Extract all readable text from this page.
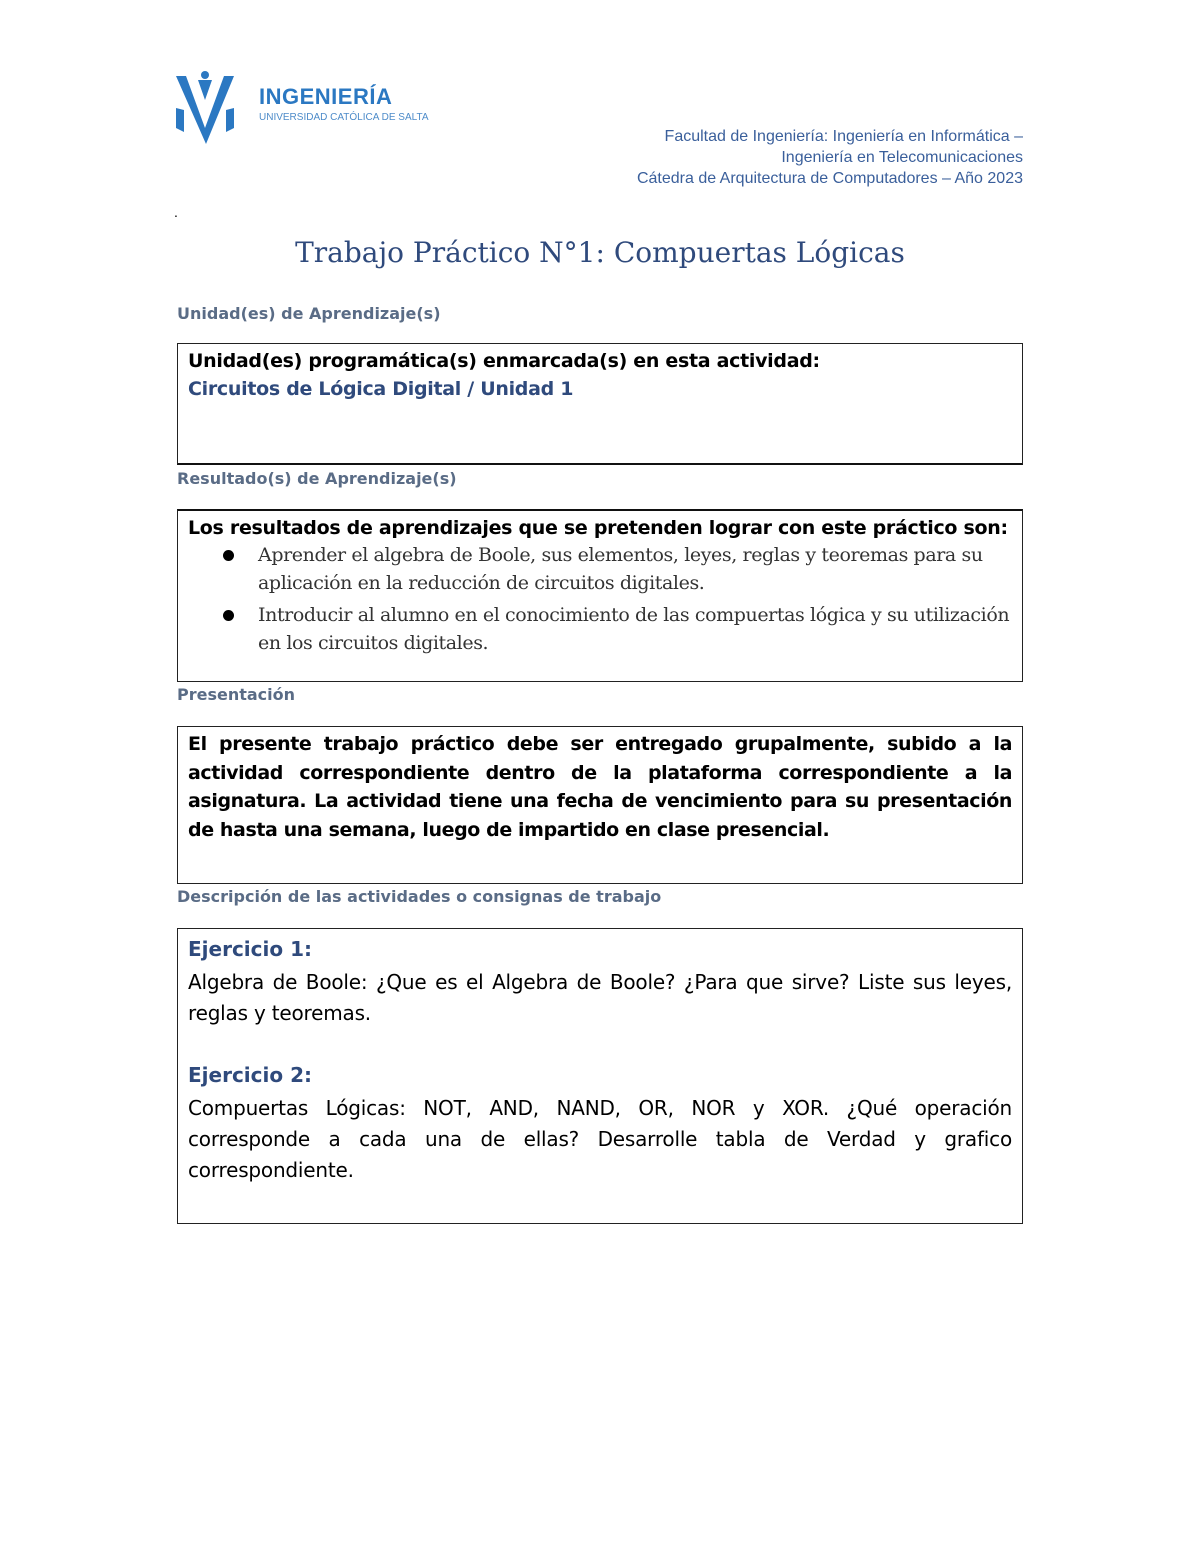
INGENIERÍA
UNIVERSIDAD CATÓLICA DE SALTA
Facultad de Ingeniería: Ingeniería en Informática –
Ingeniería en Telecomunicaciones
Cátedra de Arquitectura de Computadores – Año 2023
.
Trabajo Práctico N°1: Compuertas Lógicas
Unidad(es) de Aprendizaje(s)
Unidad(es) programática(s) enmarcada(s) en esta actividad:
Circuitos de Lógica Digital / Unidad 1
Resultado(s) de Aprendizaje(s)
Los resultados de aprendizajes que se pretenden lograr con este práctico son:
Aprender el algebra de Boole, sus elementos, leyes, reglas y teoremas para su aplicación en la reducción de circuitos digitales.
Introducir al alumno en el conocimiento de las compuertas lógica y su utilización en los circuitos digitales.
Presentación
El presente trabajo práctico debe ser entregado grupalmente, subido a la actividad correspondiente dentro de la plataforma correspondiente a la asignatura. La actividad tiene una fecha de vencimiento para su presentación de hasta una semana, luego de impartido en clase presencial.
Descripción de las actividades o consignas de trabajo
Ejercicio 1:
Algebra de Boole: ¿Que es el Algebra de Boole? ¿Para que sirve? Liste sus leyes, reglas y teoremas.
Ejercicio 2:
Compuertas Lógicas: NOT, AND, NAND, OR, NOR y XOR. ¿Qué operación corresponde a cada una de ellas? Desarrolle tabla de Verdad y grafico correspondiente.
